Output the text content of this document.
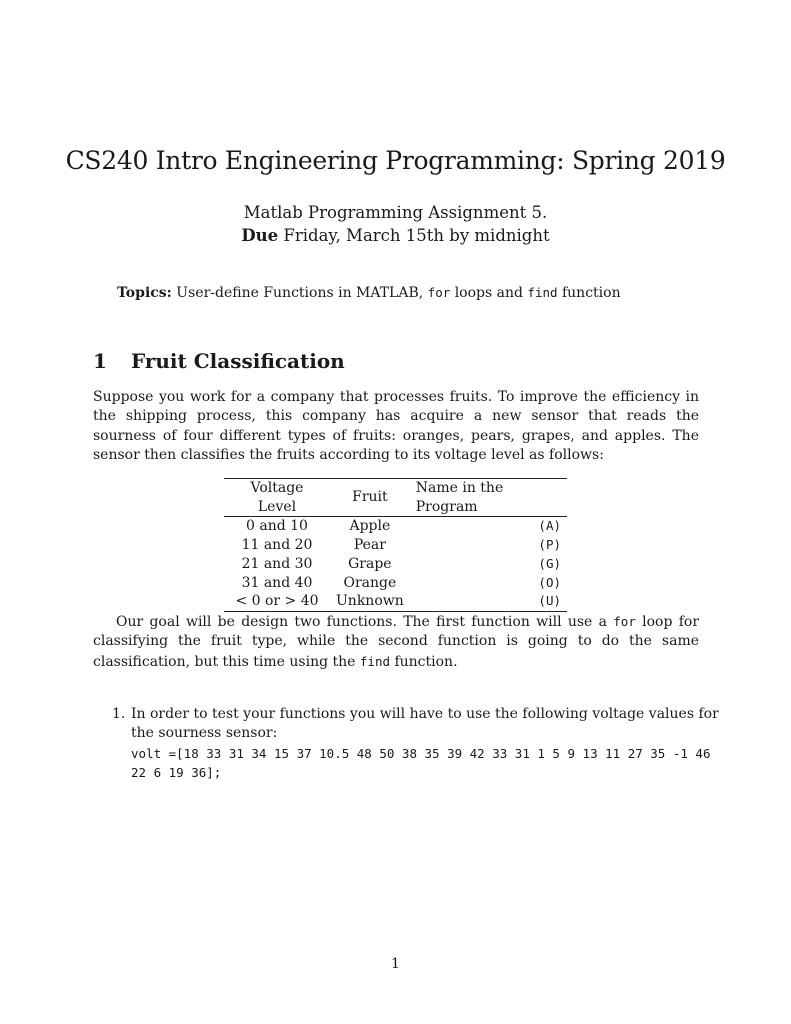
CS240 Intro Engineering Programming: Spring 2019
Matlab Programming Assignment 5.
Due Friday, March 15th by midnight
Topics: User-define Functions in MATLAB, for loops and find function
1 Fruit Classification

Suppose you work for a company that processes fruits. To improve the efficiency in the shipping process, this company has acquire a new sensor that reads the sourness of four different types of fruits: oranges, pears, grapes, and apples. The sensor then classifies the fruits according to its voltage level as follows:

Voltage Level	Fruit	Name in the Program
0 and 10	Apple	(A)
11 and 20	Pear	(P)
21 and 30	Grape	(G)
31 and 40	Orange	(O)
< 0 or > 40	Unknown	(U)

Our goal will be design two functions. The first function will use a for loop for classifying the fruit type, while the second function is going to do the same classification, but this time using the find function.

1. In order to test your functions you will have to use the following voltage values for the sourness sensor:
volt =[18 33 31 34 15 37 10.5 48 50 38 35 39 42 33 31 1 5 9 13 11 27 35 -1 46 22 6 19 36];
1
